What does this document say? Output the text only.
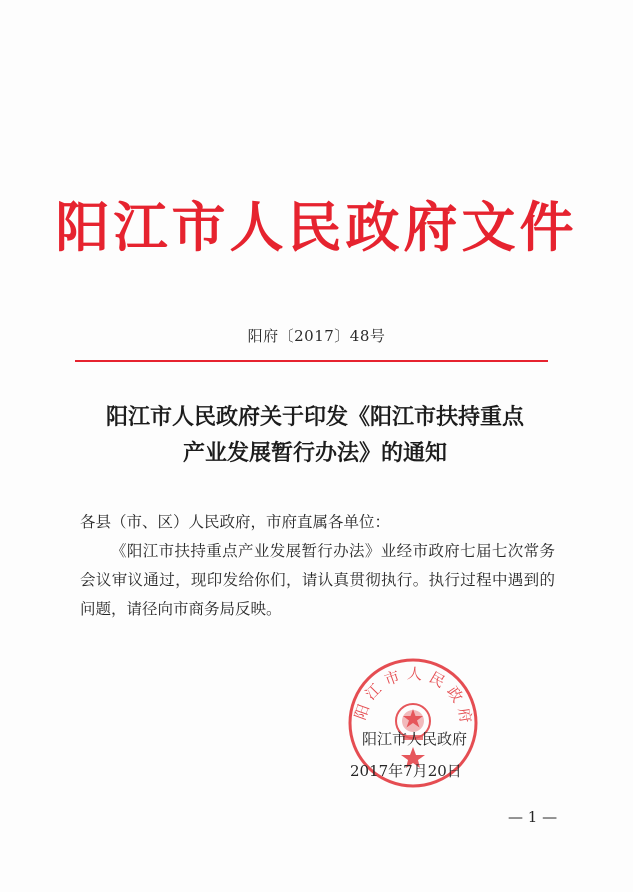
阳江市人民政府文件
阳府〔2017〕48号
阳江市人民政府关于印发《阳江市扶持重点
产业发展暂行办法》的通知

各县（市、区）人民政府，市府直属各单位：

《阳江市扶持重点产业发展暂行办法》业经市政府七届七次常务会议审议通过，现印发给你们，请认真贯彻执行。执行过程中遇到的问题，请径向市商务局反映。

阳江市人民政府
阳江市人民政府
2017年7月20日
— 1 —
